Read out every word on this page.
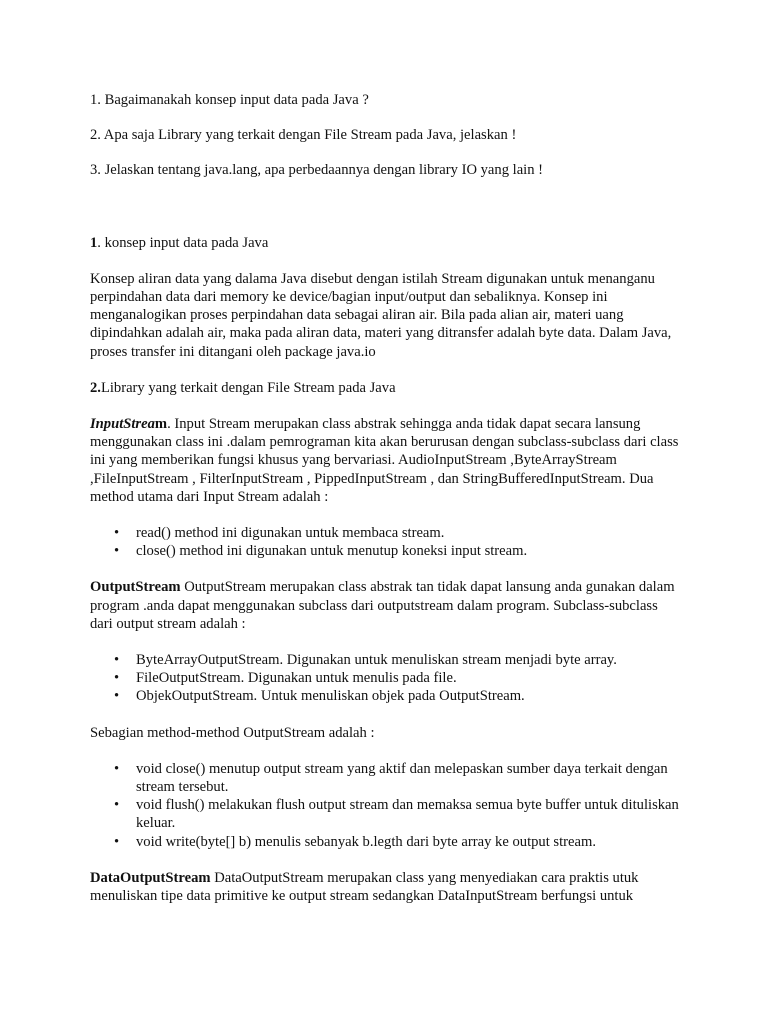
1. Bagaimanakah konsep input data pada Java ?

2. Apa saja Library yang terkait dengan File Stream pada Java, jelaskan !

3. Jelaskan tentang java.lang, apa perbedaannya dengan library IO yang lain !

1. konsep input data pada Java

Konsep aliran data yang dalama Java disebut dengan istilah Stream digunakan untuk menanganu perpindahan data dari memory ke device/bagian input/output dan sebaliknya. Konsep ini menganalogikan proses perpindahan data sebagai aliran air. Bila pada alian air, materi uang dipindahkan adalah air, maka pada aliran data, materi yang ditransfer adalah byte data. Dalam Java, proses transfer ini ditangani oleh package java.io

2.Library yang terkait dengan File Stream pada Java

InputStream. Input Stream merupakan class abstrak sehingga anda tidak dapat secara lansung menggunakan class ini .dalam pemrograman kita akan berurusan dengan subclass-subclass dari class ini yang memberikan fungsi khusus yang bervariasi. AudioInputStream ,ByteArrayStream ,FileInputStream , FilterInputStream , PippedInputStream , dan StringBufferedInputStream. Dua method utama dari Input Stream adalah :

• read() method ini digunakan untuk membaca stream.
• close() method ini digunakan untuk menutup koneksi input stream.

OutputStream OutputStream merupakan class abstrak tan tidak dapat lansung anda gunakan dalam program .anda dapat menggunakan subclass dari outputstream dalam program. Subclass-subclass dari output stream adalah :

• ByteArrayOutputStream. Digunakan untuk menuliskan stream menjadi byte array.
• FileOutputStream. Digunakan untuk menulis pada file.
• ObjekOutputStream. Untuk menuliskan objek pada OutputStream.

Sebagian method-method OutputStream adalah :

• void close() menutup output stream yang aktif dan melepaskan sumber daya terkait dengan stream tersebut.
• void flush() melakukan flush output stream dan memaksa semua byte buffer untuk dituliskan keluar.
• void write(byte[] b) menulis sebanyak b.legth dari byte array ke output stream.

DataOutputStream DataOutputStream merupakan class yang menyediakan cara praktis utuk menuliskan tipe data primitive ke output stream sedangkan DataInputStream berfungsi untuk
